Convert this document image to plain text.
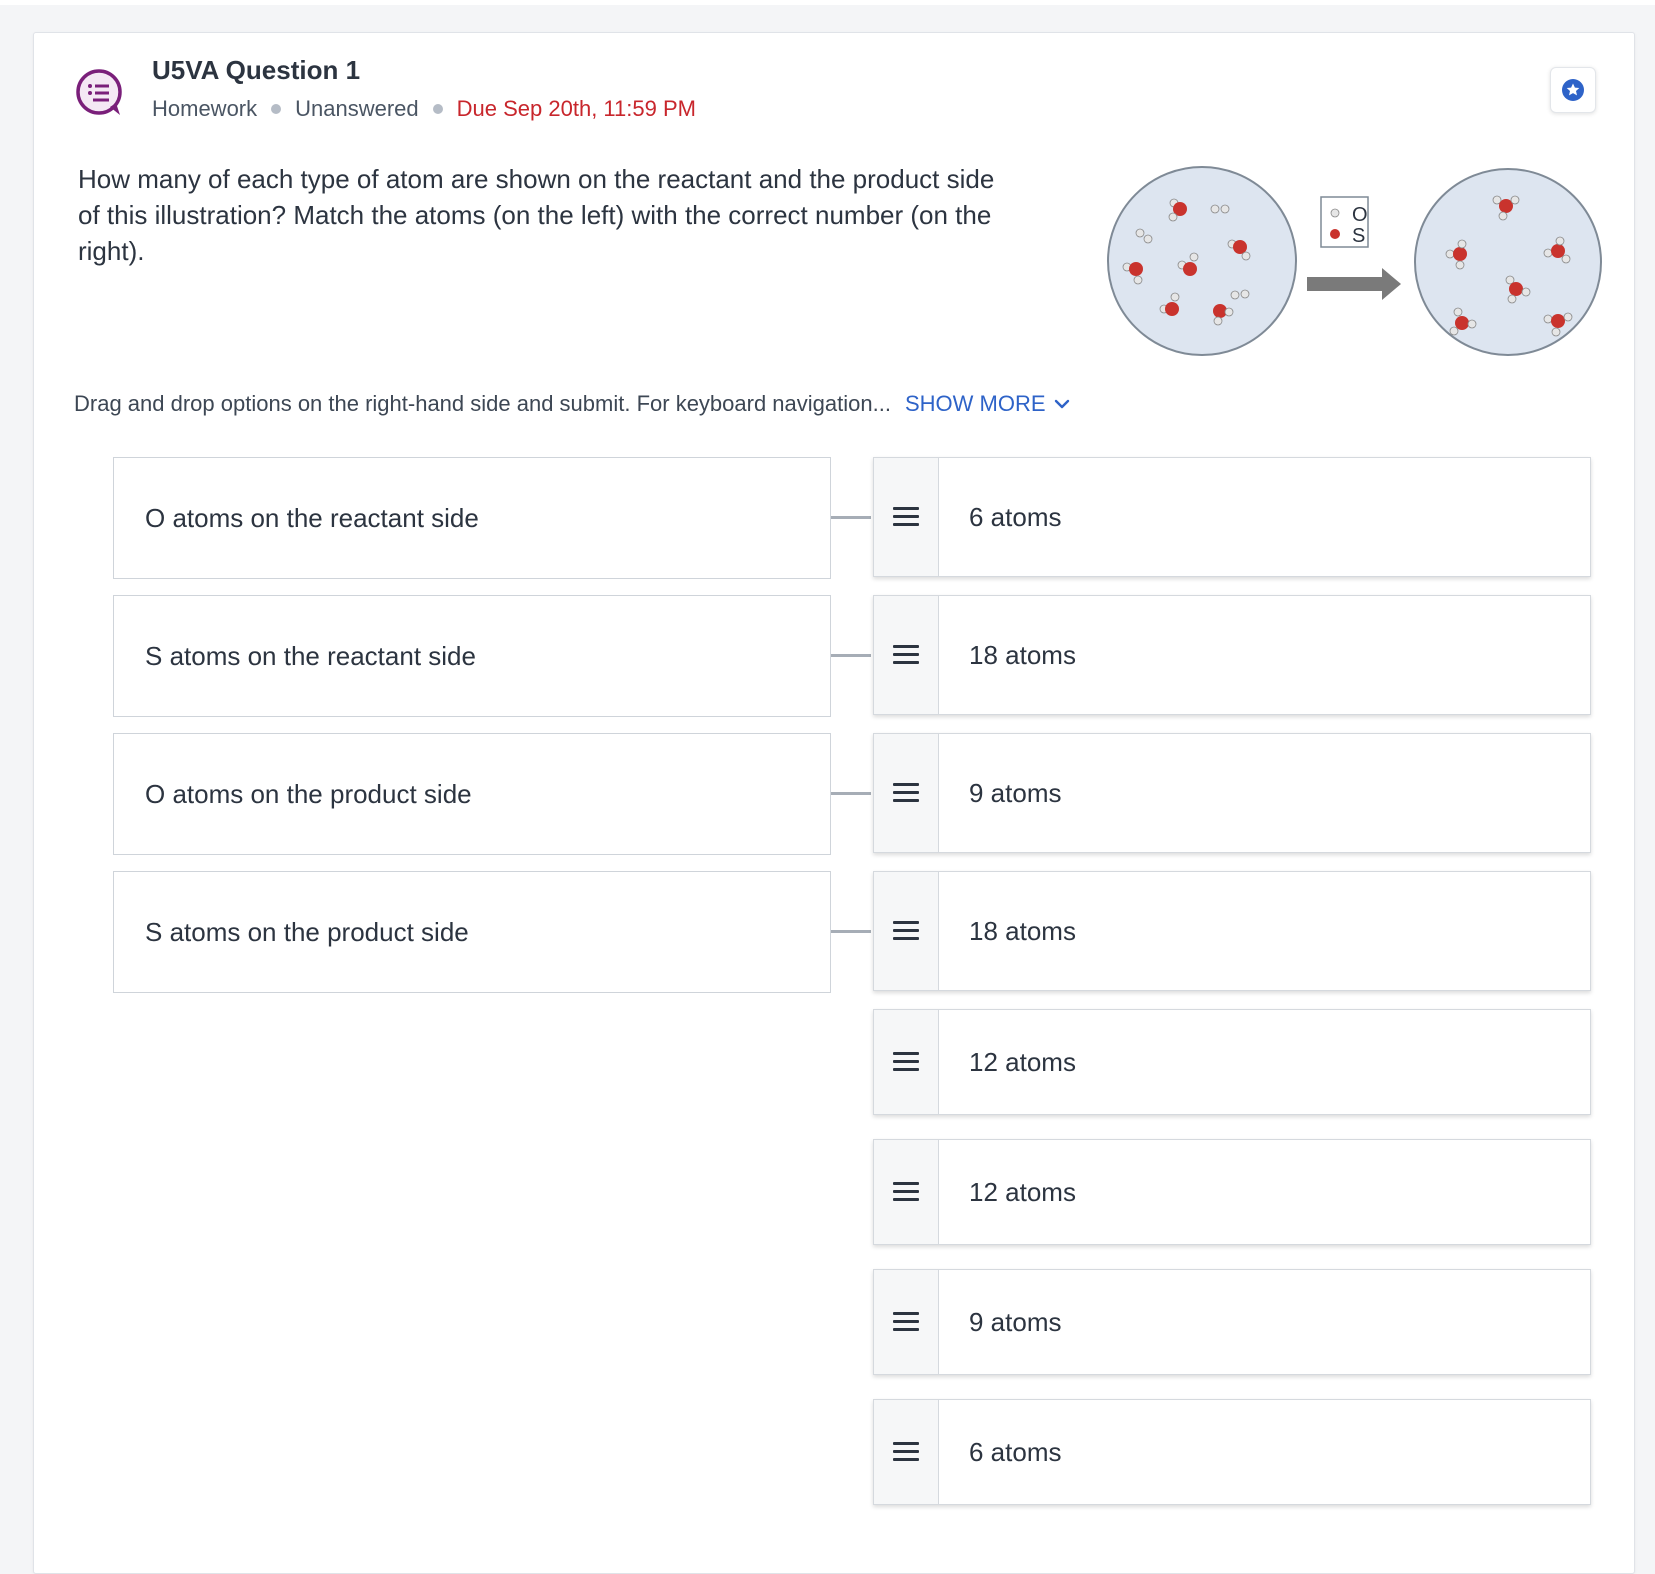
U5VA Question 1
Homework Unanswered Due Sep 20th, 11:59 PM
How many of each type of atom are shown on the reactant and the product side of this illustration? Match the atoms (on the left) with the correct number (on the right).
O
S
Drag and drop options on the right-hand side and submit. For keyboard navigation... SHOW MORE
O atoms on the reactant side
S atoms on the reactant side
O atoms on the product side
S atoms on the product side
6 atoms
18 atoms
9 atoms
18 atoms
12 atoms
12 atoms
9 atoms
6 atoms
